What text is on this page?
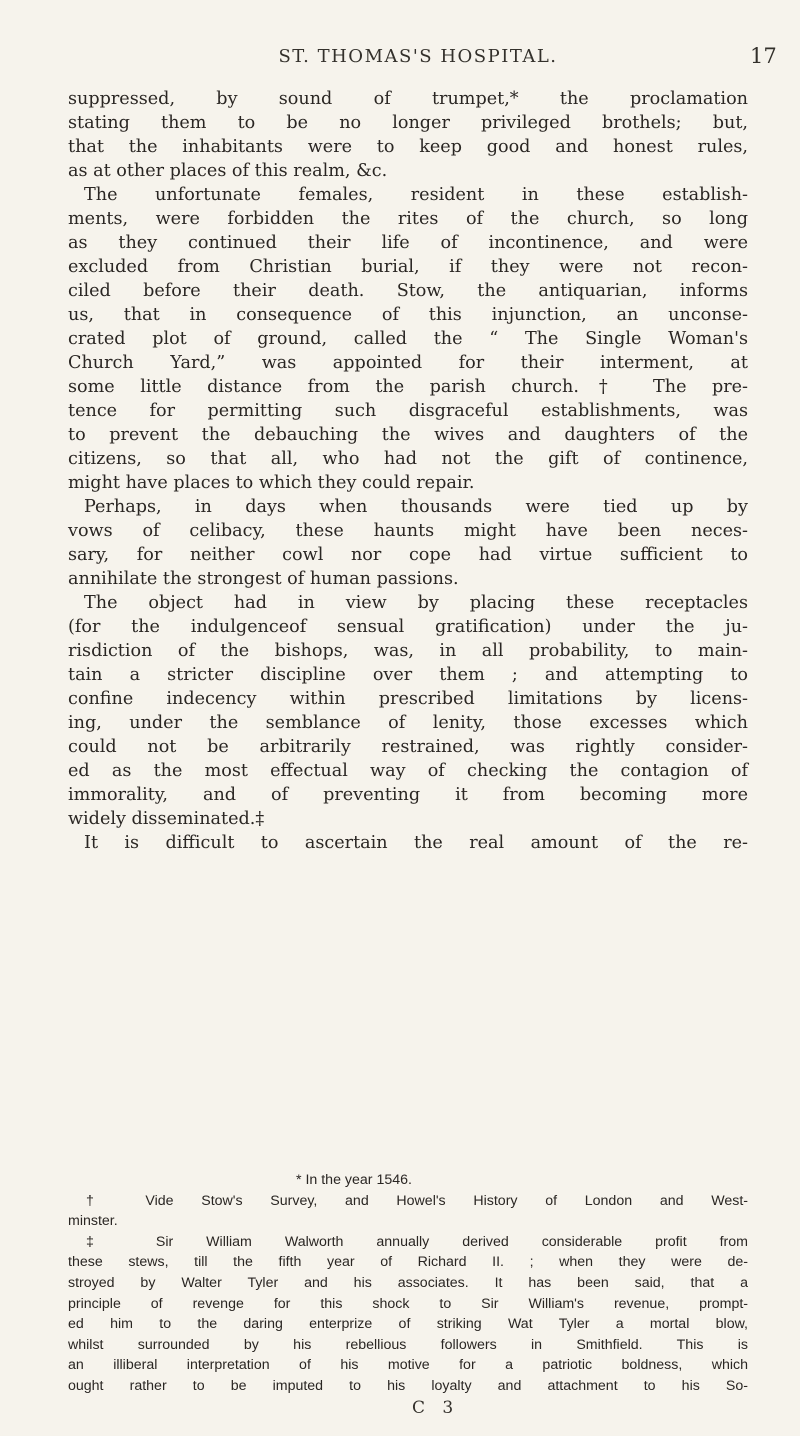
ST. THOMAS'S HOSPITAL.	17
suppressed, by sound of trumpet,* the proclamation
stating them to be no longer privileged brothels; but,
that the inhabitants were to keep good and honest rules,
as at other places of this realm, &c.
The unfortunate females, resident in these establish-
ments, were forbidden the rites of the church, so long
as they continued their life of incontinence, and were
excluded from Christian burial, if they were not recon-
ciled before their death. Stow, the antiquarian, informs
us, that in consequence of this injunction, an unconse-
crated plot of ground, called the “ The Single Woman's
Church Yard,” was appointed for their interment, at
some little distance from the parish church.† The pre-
tence for permitting such disgraceful establishments, was
to prevent the debauching the wives and daughters of the
citizens, so that all, who had not the gift of continence,
might have places to which they could repair.
Perhaps, in days when thousands were tied up by
vows of celibacy, these haunts might have been neces-
sary, for neither cowl nor cope had virtue sufficient to
annihilate the strongest of human passions.
The object had in view by placing these receptacles
(for the indulgenceof sensual gratification) under the ju-
risdiction of the bishops, was, in all probability, to main-
tain a stricter discipline over them ; and attempting to
confine indecency within prescribed limitations by licens-
ing, under the semblance of lenity, those excesses which
could not be arbitrarily restrained, was rightly consider-
ed as the most effectual way of checking the contagion of
immorality, and of preventing it from becoming more
widely disseminated.‡
It is difficult to ascertain the real amount of the re-
* In the year 1546.
† Vide Stow's Survey, and Howel's History of London and West-
minster.
‡ Sir William Walworth annually derived considerable profit from
these stews, till the fifth year of Richard II. ; when they were de-
stroyed by Walter Tyler and his associates. It has been said, that a
principle of revenge for this shock to Sir William's revenue, prompt-
ed him to the daring enterprize of striking Wat Tyler a mortal blow,
whilst surrounded by his rebellious followers in Smithfield. This is
an illiberal interpretation of his motive for a patriotic boldness, which
ought rather to be imputed to his loyalty and attachment to his So-
C 3
